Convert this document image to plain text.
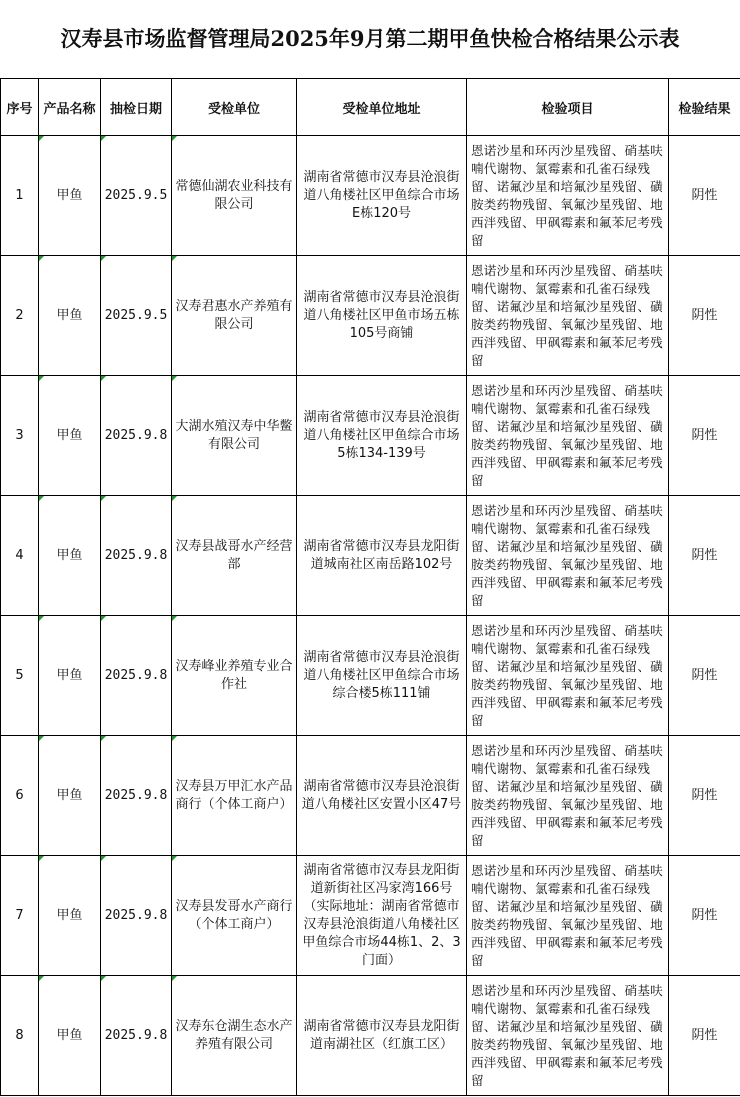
汉寿县市场监督管理局2025年9月第二期甲鱼快检合格结果公示表
序号	产品名称	抽检日期	受检单位	受检单位地址	检验项目	检验结果
1	甲鱼	2025.9.5	常德仙湖农业科技有限公司	湖南省常德市汉寿县沧浪街道八角楼社区甲鱼综合市场E栋120号	恩诺沙星和环丙沙星残留、硝基呋喃代谢物、氯霉素和孔雀石绿残留、诺氟沙星和培氟沙星残留、磺胺类药物残留、氧氟沙星残留、地西泮残留、甲砜霉素和氟苯尼考残留	阴性
2	甲鱼	2025.9.5	汉寿君惠水产养殖有限公司	湖南省常德市汉寿县沧浪街道八角楼社区甲鱼市场五栋105号商铺	恩诺沙星和环丙沙星残留、硝基呋喃代谢物、氯霉素和孔雀石绿残留、诺氟沙星和培氟沙星残留、磺胺类药物残留、氧氟沙星残留、地西泮残留、甲砜霉素和氟苯尼考残留	阴性
3	甲鱼	2025.9.8	大湖水殖汉寿中华鳖有限公司	湖南省常德市汉寿县沧浪街道八角楼社区甲鱼综合市场5栋134-139号	恩诺沙星和环丙沙星残留、硝基呋喃代谢物、氯霉素和孔雀石绿残留、诺氟沙星和培氟沙星残留、磺胺类药物残留、氧氟沙星残留、地西泮残留、甲砜霉素和氟苯尼考残留	阴性
4	甲鱼	2025.9.8	汉寿县战哥水产经营部	湖南省常德市汉寿县龙阳街道城南社区南岳路102号	恩诺沙星和环丙沙星残留、硝基呋喃代谢物、氯霉素和孔雀石绿残留、诺氟沙星和培氟沙星残留、磺胺类药物残留、氧氟沙星残留、地西泮残留、甲砜霉素和氟苯尼考残留	阴性
5	甲鱼	2025.9.8	汉寿峰业养殖专业合作社	湖南省常德市汉寿县沧浪街道八角楼社区甲鱼综合市场综合楼5栋111铺	恩诺沙星和环丙沙星残留、硝基呋喃代谢物、氯霉素和孔雀石绿残留、诺氟沙星和培氟沙星残留、磺胺类药物残留、氧氟沙星残留、地西泮残留、甲砜霉素和氟苯尼考残留	阴性
6	甲鱼	2025.9.8	汉寿县万甲汇水产品商行（个体工商户）	湖南省常德市汉寿县沧浪街道八角楼社区安置小区47号	恩诺沙星和环丙沙星残留、硝基呋喃代谢物、氯霉素和孔雀石绿残留、诺氟沙星和培氟沙星残留、磺胺类药物残留、氧氟沙星残留、地西泮残留、甲砜霉素和氟苯尼考残留	阴性
7	甲鱼	2025.9.8	汉寿县发哥水产商行（个体工商户）	湖南省常德市汉寿县龙阳街道新街社区冯家湾166号（实际地址：湖南省常德市汉寿县沧浪街道八角楼社区甲鱼综合市场44栋1、2、3门面）	恩诺沙星和环丙沙星残留、硝基呋喃代谢物、氯霉素和孔雀石绿残留、诺氟沙星和培氟沙星残留、磺胺类药物残留、氧氟沙星残留、地西泮残留、甲砜霉素和氟苯尼考残留	阴性
8	甲鱼	2025.9.8	汉寿东仓湖生态水产养殖有限公司	湖南省常德市汉寿县龙阳街道南湖社区（红旗工区）	恩诺沙星和环丙沙星残留、硝基呋喃代谢物、氯霉素和孔雀石绿残留、诺氟沙星和培氟沙星残留、磺胺类药物残留、氧氟沙星残留、地西泮残留、甲砜霉素和氟苯尼考残留	阴性
